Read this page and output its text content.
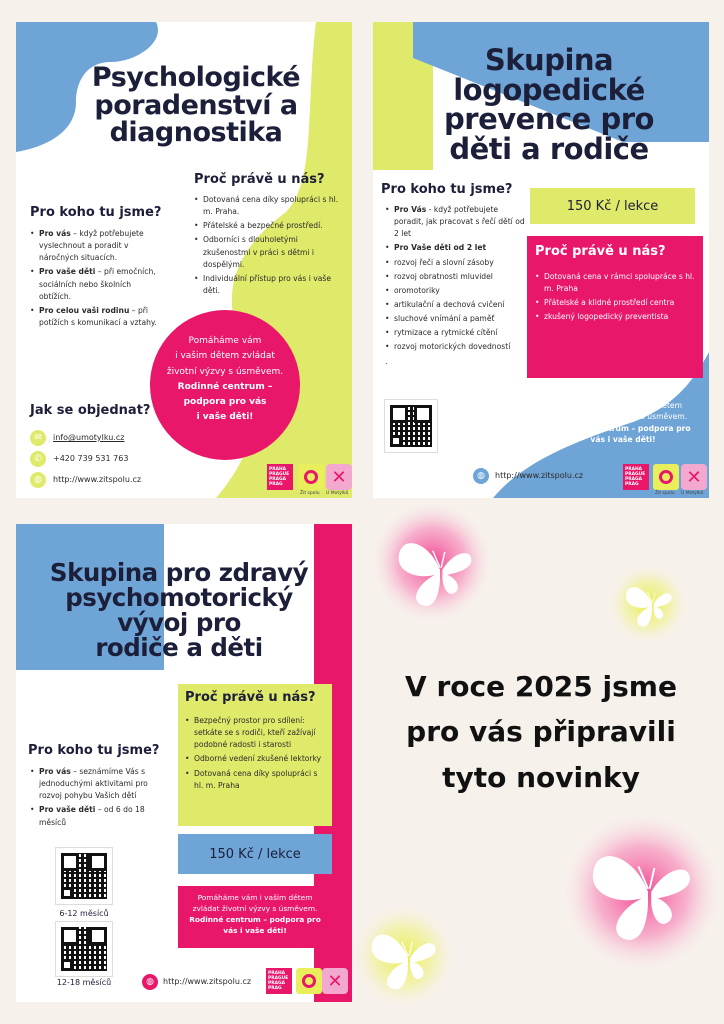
Psychologické
poradenství a
diagnostika
Proč právě u nás?
• Dotovaná cena díky spolupráci s hl. m. Praha.
• Přátelské a bezpečné prostředí.
• Odborníci s dlouholetými zkušenostmi v práci s dětmi i dospělými.
• Individuální přístup pro vás i vaše děti.
Pro koho tu jsme?
• Pro vás – když potřebujete vyslechnout a poradit v náročných situacích.
• Pro vaše děti – při emočních, sociálních nebo školních obtížích.
• Pro celou vaši rodinu – při potížích s komunikací a vztahy.
Pomáháme vám
i vašim dětem zvládat
životní výzvy s úsměvem.
Rodinné centrum –
podpora pro vás
i vaše děti!
Jak se objednat?
✉	info@umotylku.cz
✆	+420 739 531 763
◍	http://www.zitspolu.cz
PRAHA
PRAGUE
PRAGA
PRAG	✕
Žit spolu U Motýlků
Skupina
logopedické
prevence pro
děti a rodiče
Pro koho tu jsme?
• Pro Vás - když potřebujete poradit, jak pracovat s řečí dětí od 2 let
• Pro Vaše děti od 2 let
• rozvoj řeči a slovní zásoby
• rozvoj obratnosti mluvidel
• oromotoriky
• artikulační a dechová cvičení
• sluchové vnímání a paměť
• rytmizace a rytmické cítění
• rozvoj motorických dovedností
.
150 Kč / lekce
Proč právě u nás?
• Dotovaná cena v rámci spolupráce s hl. m. Praha
• Přátelské a klidné prostředí centra
• zkušený logopedický preventista
Pomáháme vám i vašim dětem
zvládat životní výzvy s úsměvem.
Rodinné centrum – podpora pro
vás i vaše děti!
◍	http://www.zitspolu.cz
PRAHA
PRAGUE
PRAGA
PRAG	✕
Žit spolu U Motýlků
Skupina pro zdravý
psychomotorický
vývoj pro
rodiče a děti
Proč právě u nás?
• Bezpečný prostor pro sdílení: setkáte se s rodiči, kteří zažívají podobné radosti i starosti
• Odborné vedení zkušené lektorky
• Dotovaná cena díky spolupráci s hl. m. Praha
Pro koho tu jsme?
• Pro vás – seznámíme Vás s jednoduchými aktivitami pro rozvoj pohybu Vašich dětí
• Pro vaše děti – od 6 do 18 měsíců
150 Kč / lekce
6-12 měsíců
12-18 měsíců
Pomáháme vám i vašim dětem
zvládat životní výzvy s úsměvem.
Rodinné centrum – podpora pro
vás i vaše děti!
◍	http://www.zitspolu.cz
PRAHA
PRAGUE
PRAGA
PRAG	✕
V roce 2025 jsme
pro vás připravili
tyto novinky
